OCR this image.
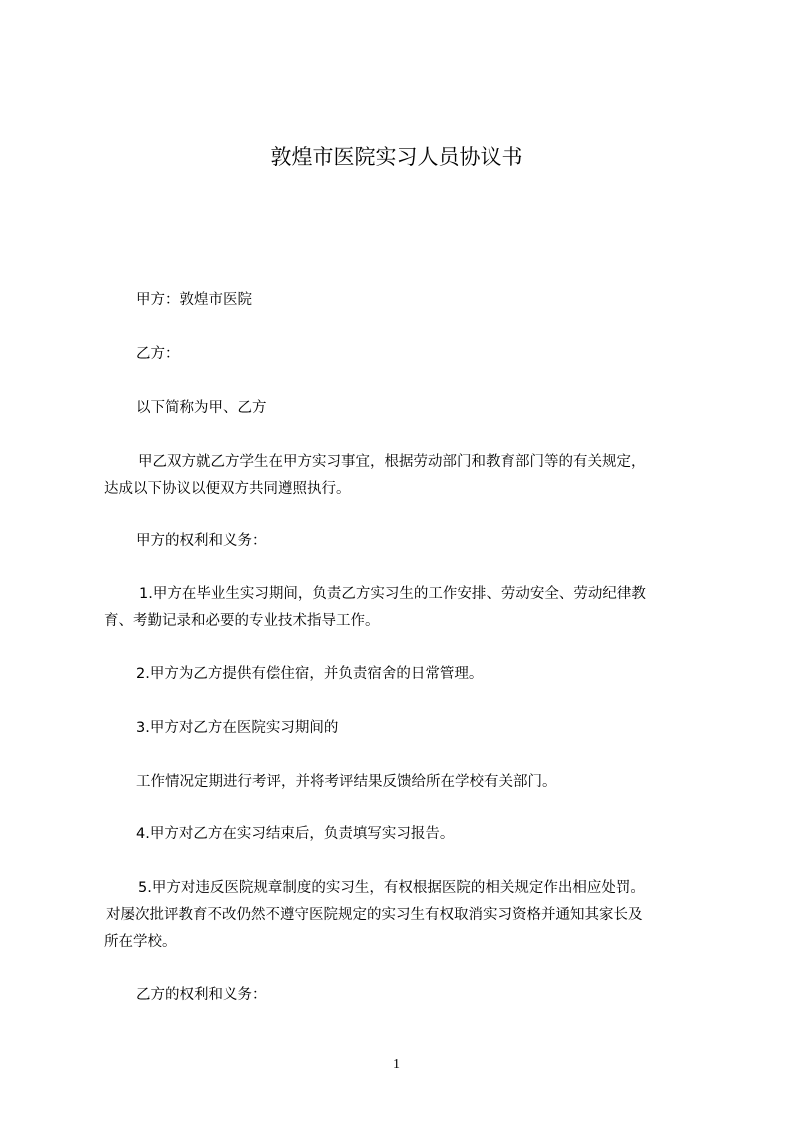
敦煌市医院实习人员协议书
甲方：敦煌市医院
乙方：
以下简称为甲、乙方
甲乙双方就乙方学生在甲方实习事宜，根据劳动部门和教育部门等的有关规定，
达成以下协议以便双方共同遵照执行。
甲方的权利和义务：
1.甲方在毕业生实习期间，负责乙方实习生的工作安排、劳动安全、劳动纪律教
育、考勤记录和必要的专业技术指导工作。
2.甲方为乙方提供有偿住宿，并负责宿舍的日常管理。
3.甲方对乙方在医院实习期间的
工作情况定期进行考评，并将考评结果反馈给所在学校有关部门。
4.甲方对乙方在实习结束后，负责填写实习报告。
5.甲方对违反医院规章制度的实习生，有权根据医院的相关规定作出相应处罚。
对屡次批评教育不改仍然不遵守医院规定的实习生有权取消实习资格并通知其家长及
所在学校。
乙方的权利和义务：
1
